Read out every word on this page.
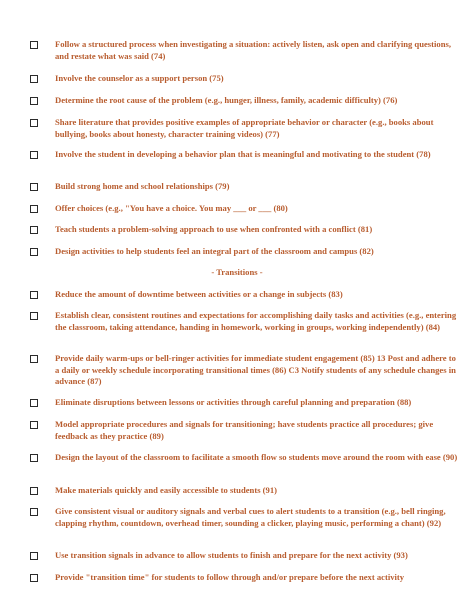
Follow a structured process when investigating a situation: actively listen, ask open and clarifying questions, and restate what was said (74)
Involve the counselor as a support person (75)
Determine the root cause of the problem (e.g., hunger, illness, family, academic difficulty) (76)
Share literature that provides positive examples of appropriate behavior or character (e.g., books about bullying, books about honesty, character training videos) (77)
Involve the student in developing a behavior plan that is meaningful and motivating to the student (78)
Build strong home and school relationships (79)
Offer choices (e.g., "You have a choice. You may ___ or ___ (80)
Teach students a problem-solving approach to use when confronted with a conflict (81)
Design activities to help students feel an integral part of the classroom and campus (82)
- Transitions -
Reduce the amount of downtime between activities or a change in subjects (83)
Establish clear, consistent routines and expectations for accomplishing daily tasks and activities (e.g., entering the classroom, taking attendance, handing in homework, working in groups, working independently) (84)
Provide daily warm-ups or bell-ringer activities for immediate student engagement (85) 13 Post and adhere to a daily or weekly schedule incorporating transitional times (86) C3 Notify students of any schedule changes in advance (87)
Eliminate disruptions between lessons or activities through careful planning and preparation (88)
Model appropriate procedures and signals for transitioning; have students practice all procedures; give feedback as they practice (89)
Design the layout of the classroom to facilitate a smooth flow so students move around the room with ease (90)
Make materials quickly and easily accessible to students (91)
Give consistent visual or auditory signals and verbal cues to alert students to a transition (e.g., bell ringing, clapping rhythm, countdown, overhead timer, sounding a clicker, playing music, performing a chant) (92)
Use transition signals in advance to allow students to finish and prepare for the next activity (93)
Provide "transition time" for students to follow through and/or prepare before the next activity
